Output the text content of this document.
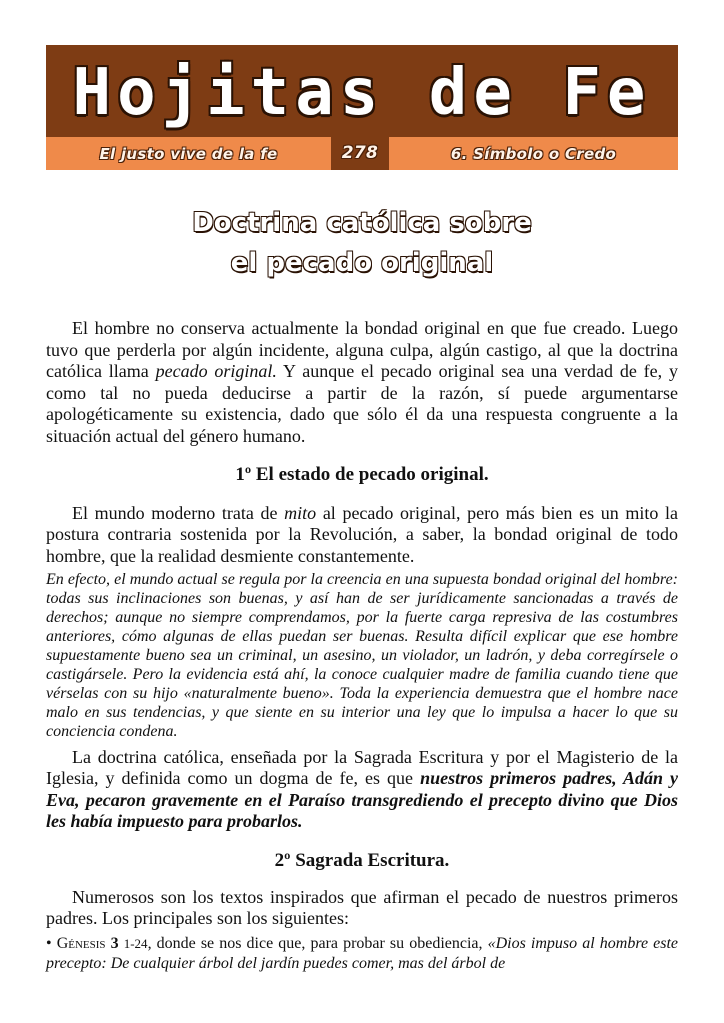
Hojitas de Fe
El justo vive de la fe	278	6. Símbolo o Credo
Doctrina católica sobre
el pecado original

El hombre no conserva actualmente la bondad original en que fue creado. Luego tuvo que perderla por algún incidente, alguna culpa, algún castigo, al que la doctrina católica llama pecado original. Y aunque el pecado original sea una verdad de fe, y como tal no pueda deducirse a partir de la razón, sí puede argumentarse apologéticamente su existencia, dado que sólo él da una respuesta congruente a la situación actual del género humano.

1º El estado de pecado original.

El mundo moderno trata de mito al pecado original, pero más bien es un mito la postura contraria sostenida por la Revolución, a saber, la bondad original de todo hombre, que la realidad desmiente constantemente.

En efecto, el mundo actual se regula por la creencia en una supuesta bondad original del hombre: todas sus inclinaciones son buenas, y así han de ser jurídicamente sancionadas a través de derechos; aunque no siempre comprendamos, por la fuerte carga represiva de las costumbres anteriores, cómo algunas de ellas puedan ser buenas. Resulta difícil explicar que ese hombre supuestamente bueno sea un criminal, un asesino, un violador, un ladrón, y deba corregírsele o castigársele. Pero la evidencia está ahí, la conoce cualquier madre de familia cuando tiene que vérselas con su hijo «naturalmente bueno». Toda la experiencia demuestra que el hombre nace malo en sus tendencias, y que siente en su interior una ley que lo impulsa a hacer lo que su conciencia condena.

La doctrina católica, enseñada por la Sagrada Escritura y por el Magisterio de la Iglesia, y definida como un dogma de fe, es que nuestros primeros padres, Adán y Eva, pecaron gravemente en el Paraíso transgrediendo el precepto divino que Dios les había impuesto para probarlos.

2º Sagrada Escritura.

Numerosos son los textos inspirados que afirman el pecado de nuestros primeros padres. Los principales son los siguientes:

• Génesis 3 1-24, donde se nos dice que, para probar su obediencia, «Dios impuso al hombre este precepto: De cualquier árbol del jardín puedes comer, mas del árbol de
